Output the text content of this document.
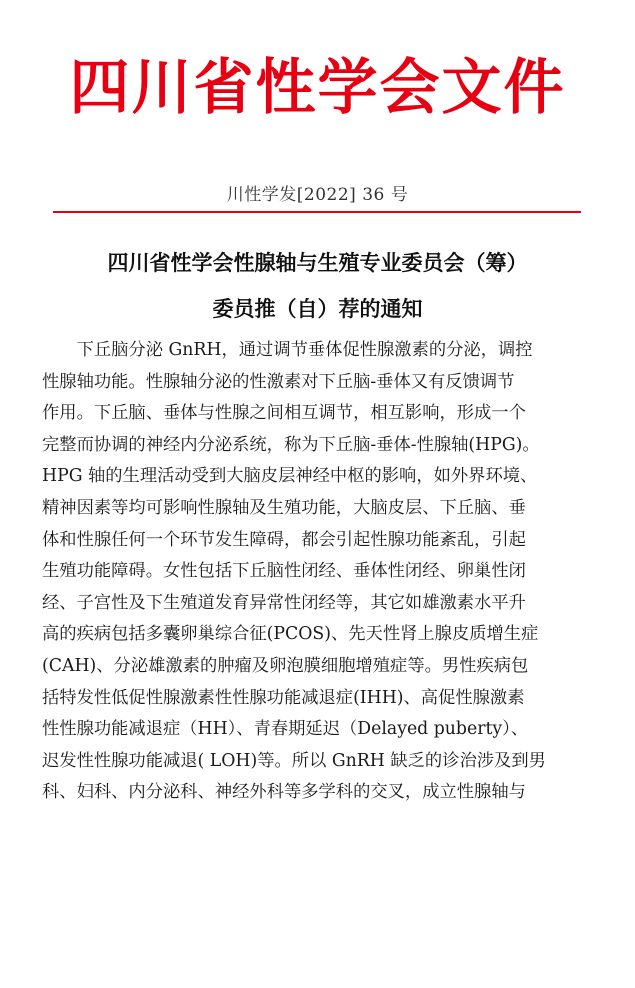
四川省性学会文件
川性学发[2022] 36 号
四川省性学会性腺轴与生殖专业委员会（筹）
委员推（自）荐的通知
　　下丘脑分泌 GnRH，通过调节垂体促性腺激素的分泌，调控
性腺轴功能。性腺轴分泌的性激素对下丘脑-垂体又有反馈调节
作用。下丘脑、垂体与性腺之间相互调节，相互影响，形成一个
完整而协调的神经内分泌系统，称为下丘脑-垂体-性腺轴(HPG)。
HPG 轴的生理活动受到大脑皮层神经中枢的影响，如外界环境、
精神因素等均可影响性腺轴及生殖功能，大脑皮层、下丘脑、垂
体和性腺任何一个环节发生障碍，都会引起性腺功能紊乱，引起
生殖功能障碍。女性包括下丘脑性闭经、垂体性闭经、卵巢性闭
经、子宫性及下生殖道发育异常性闭经等，其它如雄激素水平升
高的疾病包括多囊卵巢综合征(PCOS)、先天性肾上腺皮质增生症
(CAH)、分泌雄激素的肿瘤及卵泡膜细胞增殖症等。男性疾病包
括特发性低促性腺激素性性腺功能减退症(IHH)、高促性腺激素
性性腺功能减退症（HH）、青春期延迟（Delayed puberty）、
迟发性性腺功能减退( LOH)等。所以 GnRH 缺乏的诊治涉及到男
科、妇科、内分泌科、神经外科等多学科的交叉，成立性腺轴与
